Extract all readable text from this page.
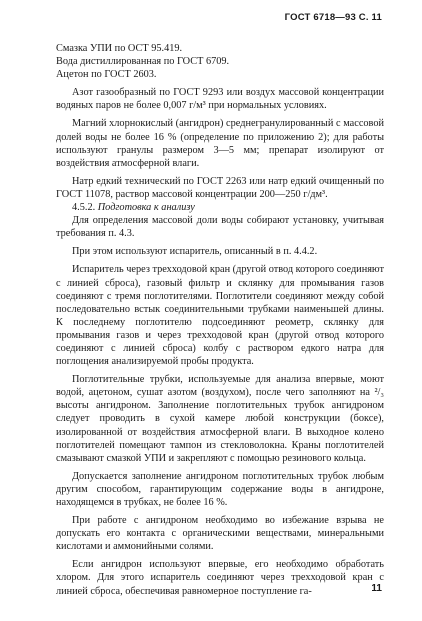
ГОСТ 6718—93 С. 11

Смазка УПИ по ОСТ 95.419.

Вода дистиллированная по ГОСТ 6709.

Ацетон по ГОСТ 2603.

Азот газообразный по ГОСТ 9293 или воздух массовой концентрации водяных паров не более 0,007 г/м³ при нормальных условиях.

Магний хлорнокислый (ангидрон) среднегранулированный с массовой долей воды не более 16 % (определение по приложению 2); для работы используют гранулы размером 3—5 мм; препарат изолируют от воздействия атмосферной влаги.

Натр едкий технический по ГОСТ 2263 или натр едкий очищенный по ГОСТ 11078, раствор массовой концентрации 200—250 г/дм³.

4.5.2. Подготовка к анализу

Для определения массовой доли воды собирают установку, учитывая требования п. 4.3.

При этом используют испаритель, описанный в п. 4.4.2.

Испаритель через трехходовой кран (другой отвод которого соединяют с линией сброса), газовый фильтр и склянку для промывания газов соединяют с тремя поглотителями. Поглотители соединяют между собой последовательно встык соединительными трубками наименьшей длины. К последнему поглотителю подсоединяют реометр, склянку для промывания газов и через трехходовой кран (другой отвод которого соединяют с линией сброса) колбу с раствором едкого натра для поглощения анализируемой пробы продукта.

Поглотительные трубки, используемые для анализа впервые, моют водой, ацетоном, сушат азотом (воздухом), после чего заполняют на ²/₃ высоты ангидроном. Заполнение поглотительных трубок ангидроном следует проводить в сухой камере любой конструкции (боксе), изолированной от воздействия атмосферной влаги. В выходное колено поглотителей помещают тампон из стекловолокна. Краны поглотителей смазывают смазкой УПИ и закрепляют с помощью резинового кольца.

Допускается заполнение ангидроном поглотительных трубок любым другим способом, гарантирующим содержание воды в ангидроне, находящемся в трубках, не более 16 %.

При работе с ангидроном необходимо во избежание взрыва не допускать его контакта с органическими веществами, минеральными кислотами и аммонийными солями.

Если ангидрон используют впервые, его необходимо обработать хлором. Для этого испаритель соединяют через трехходовой кран с линией сброса, обеспечивая равномерное поступление га-	11
